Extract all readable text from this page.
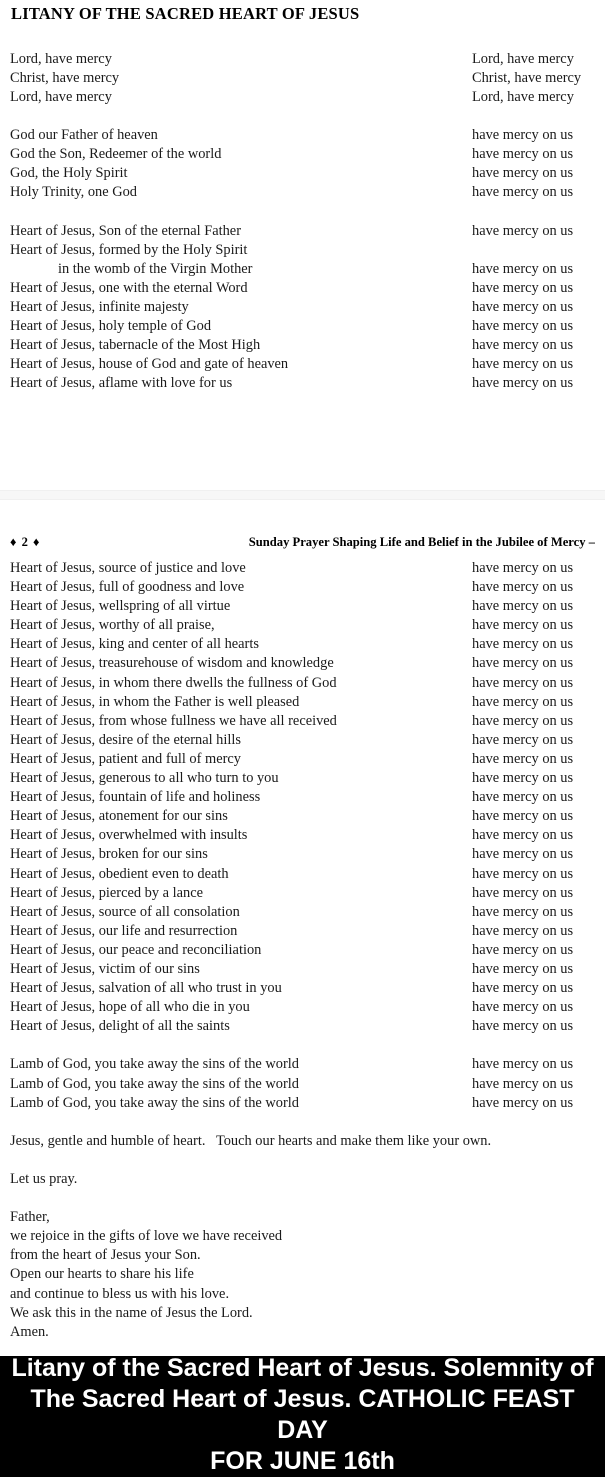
LITANY OF THE SACRED HEART OF JESUS
Lord, have mercy	Lord, have mercy
Christ, have mercy	Christ, have mercy
Lord, have mercy	Lord, have mercy
God our Father of heaven	have mercy on us
God the Son, Redeemer of the world	have mercy on us
God, the Holy Spirit	have mercy on us
Holy Trinity, one God	have mercy on us
Heart of Jesus, Son of the eternal Father	have mercy on us
Heart of Jesus, formed by the Holy Spirit
in the womb of the Virgin Mother	have mercy on us
Heart of Jesus, one with the eternal Word	have mercy on us
Heart of Jesus, infinite majesty	have mercy on us
Heart of Jesus, holy temple of God	have mercy on us
Heart of Jesus, tabernacle of the Most High	have mercy on us
Heart of Jesus, house of God and gate of heaven	have mercy on us
Heart of Jesus, aflame with love for us	have mercy on us
♦ 2 ♦	Sunday Prayer Shaping Life and Belief in the Jubilee of Mercy –
Heart of Jesus, source of justice and love	have mercy on us
Heart of Jesus, full of goodness and love	have mercy on us
Heart of Jesus, wellspring of all virtue	have mercy on us
Heart of Jesus, worthy of all praise,	have mercy on us
Heart of Jesus, king and center of all hearts	have mercy on us
Heart of Jesus, treasurehouse of wisdom and knowledge	have mercy on us
Heart of Jesus, in whom there dwells the fullness of God	have mercy on us
Heart of Jesus, in whom the Father is well pleased	have mercy on us
Heart of Jesus, from whose fullness we have all received	have mercy on us
Heart of Jesus, desire of the eternal hills	have mercy on us
Heart of Jesus, patient and full of mercy	have mercy on us
Heart of Jesus, generous to all who turn to you	have mercy on us
Heart of Jesus, fountain of life and holiness	have mercy on us
Heart of Jesus, atonement for our sins	have mercy on us
Heart of Jesus, overwhelmed with insults	have mercy on us
Heart of Jesus, broken for our sins	have mercy on us
Heart of Jesus, obedient even to death	have mercy on us
Heart of Jesus, pierced by a lance	have mercy on us
Heart of Jesus, source of all consolation	have mercy on us
Heart of Jesus, our life and resurrection	have mercy on us
Heart of Jesus, our peace and reconciliation	have mercy on us
Heart of Jesus, victim of our sins	have mercy on us
Heart of Jesus, salvation of all who trust in you	have mercy on us
Heart of Jesus, hope of all who die in you	have mercy on us
Heart of Jesus, delight of all the saints	have mercy on us
Lamb of God, you take away the sins of the world	have mercy on us
Lamb of God, you take away the sins of the world	have mercy on us
Lamb of God, you take away the sins of the world	have mercy on us
Jesus, gentle and humble of heart.   Touch our hearts and make them like your own.
Let us pray.
Father,
we rejoice in the gifts of love we have received
from the heart of Jesus your Son.
Open our hearts to share his life
and continue to bless us with his love.
We ask this in the name of Jesus the Lord.
Amen.
Litany of the Sacred Heart of Jesus. Solemnity of
The Sacred Heart of Jesus. CATHOLIC FEAST DAY
FOR JUNE 16th
